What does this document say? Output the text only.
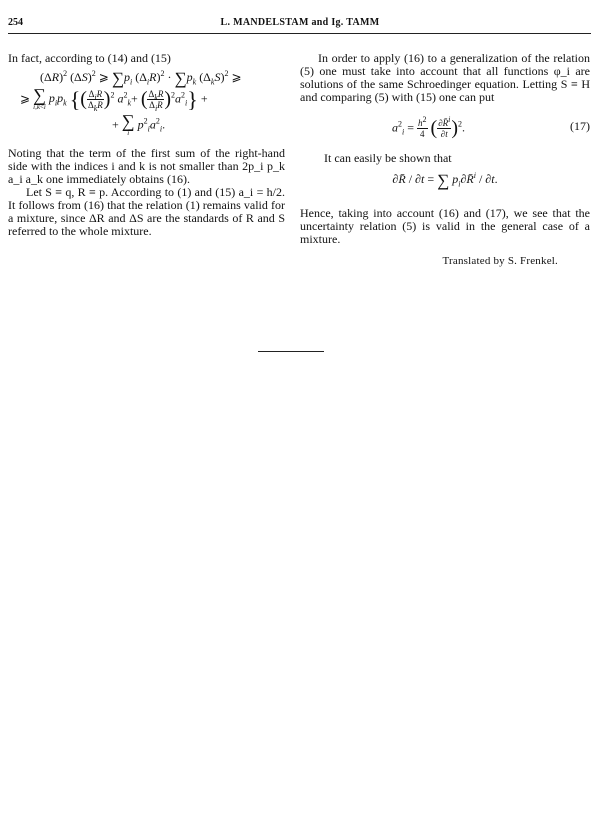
254	L. MANDELSTAM and Ig. TAMM

In fact, according to (14) and (15)

$(\Delta R)^2$ $(\Delta S)^2$ ⩾ $\sum p_i$ $(\Delta_iR)^2 \cdot \sum p_k$ $(\Delta_kS)^2$ ⩾
⩾ ∑
i,k<i
$p_ip_k$ {( $\frac{\Delta_iR}{\Delta_kR} )^2$ $a^2_k+$ ( $\frac{\Delta_kR}{\Delta_iR} )^2a^2_i$} +
+ ∑
i
$p^2_ia^2_i$.

Noting that the term of the first sum of the right-hand side with the indices i and k is not smaller than 2p_i p_k a_i a_k one immediately obtains (16).

Let S ≡ q, R ≡ p. According to (1) and (15) a_i = h/2. It follows from (16) that the relation (1) remains valid for a mixture, since ΔR and ΔS are the standards of R and S referred to the whole mixture.

In order to apply (16) to a generalization of the relation (5) one must take into account that all functions φ_i are solutions of the same Schroedinger equation. Letting S ≡ H and comparing (5) with (15) one can put

$a^2_i = \frac{h^2}{4}$ ( $\frac{\partial R̄^i}{\partial t} )^2$.	(17)

It can easily be shown that

∂R̄ / ∂t = ∑ $p_i\partial R̄^i / \partial t$.

Hence, taking into account (16) and (17), we see that the uncertainty relation (5) is valid in the general case of a mixture.

Translated by S. Frenkel.
